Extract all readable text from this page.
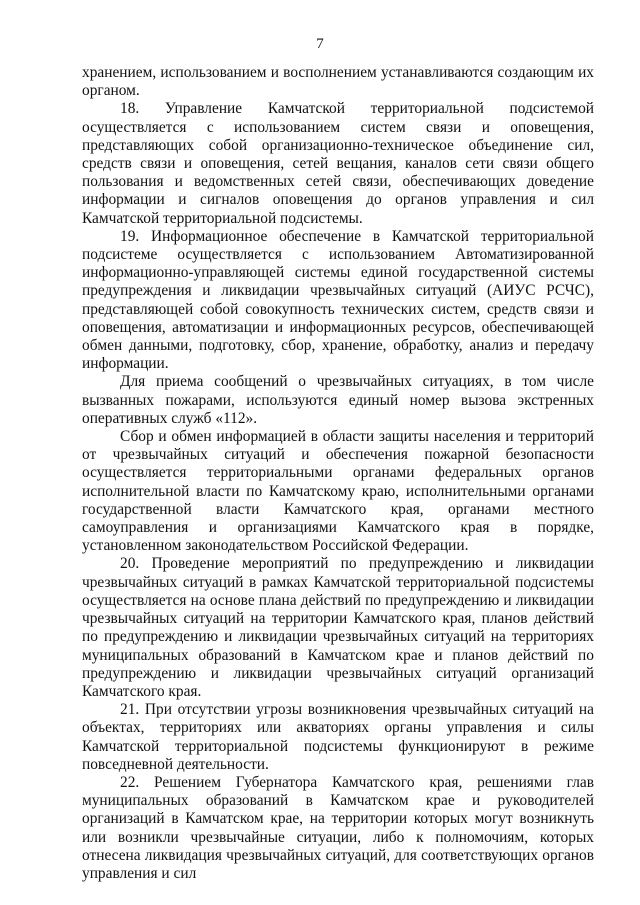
7

хранением, использованием и восполнением устанавливаются создающим их органом.

18. Управление Камчатской территориальной подсистемой осуществляется с использованием систем связи и оповещения, представляющих собой организационно-техническое объединение сил, средств связи и оповещения, сетей вещания, каналов сети связи общего пользования и ведомственных сетей связи, обеспечивающих доведение информации и сигналов оповещения до органов управления и сил Камчатской территориальной подсистемы.

19. Информационное обеспечение в Камчатской территориальной подсистеме осуществляется с использованием Автоматизированной информационно-управляющей системы единой государственной системы предупреждения и ликвидации чрезвычайных ситуаций (АИУС РСЧС), представляющей собой совокупность технических систем, средств связи и оповещения, автоматизации и информационных ресурсов, обеспечивающей обмен данными, подготовку, сбор, хранение, обработку, анализ и передачу информации.

Для приема сообщений о чрезвычайных ситуациях, в том числе вызванных пожарами, используются единый номер вызова экстренных оперативных служб «112».

Сбор и обмен информацией в области защиты населения и территорий от чрезвычайных ситуаций и обеспечения пожарной безопасности осуществляется территориальными органами федеральных органов исполнительной власти по Камчатскому краю, исполнительными органами государственной власти Камчатского края, органами местного самоуправления и организациями Камчатского края в порядке, установленном законодательством Российской Федерации.

20. Проведение мероприятий по предупреждению и ликвидации чрезвычайных ситуаций в рамках Камчатской территориальной подсистемы осуществляется на основе плана действий по предупреждению и ликвидации чрезвычайных ситуаций на территории Камчатского края, планов действий по предупреждению и ликвидации чрезвычайных ситуаций на территориях муниципальных образований в Камчатском крае и планов действий по предупреждению и ликвидации чрезвычайных ситуаций организаций Камчатского края.

21. При отсутствии угрозы возникновения чрезвычайных ситуаций на объектах, территориях или акваториях органы управления и силы Камчатской территориальной подсистемы функционируют в режиме повседневной деятельности.

22. Решением Губернатора Камчатского края, решениями глав муниципальных образований в Камчатском крае и руководителей организаций в Камчатском крае, на территории которых могут возникнуть или возникли чрезвычайные ситуации, либо к полномочиям, которых отнесена ликвидация чрезвычайных ситуаций, для соответствующих органов управления и сил
